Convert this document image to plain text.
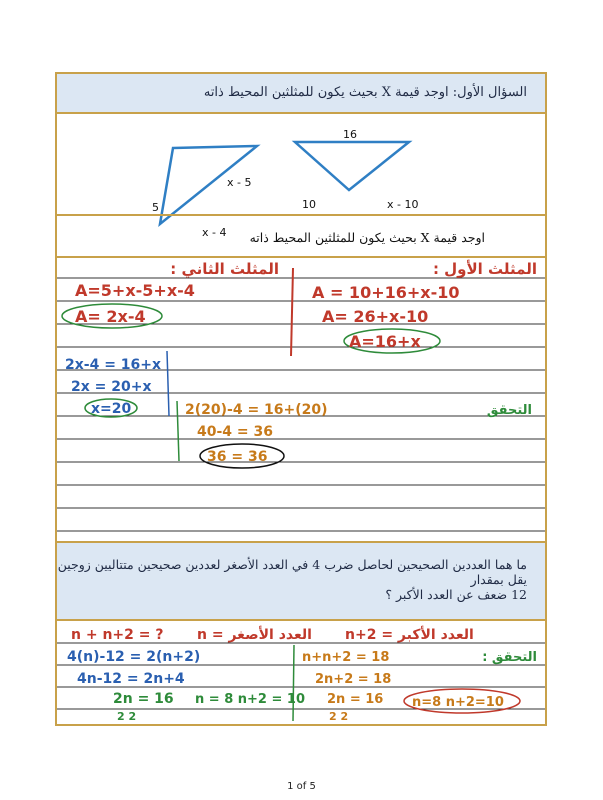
السؤال الأول: اوجد قيمة X بحيث يكون للمثلثين المحيط ذاته
5
x - 5
x - 4
16
10	x - 10
اوجد قيمة X بحيث يكون للمثلثين المحيط ذاته
المثلث الأول :
المثلث الثاني :
A=5+x-5+x-4
A= 2x-4
A = 10+16+x-10
A= 26+x-10
A=16+x
2x-4 = 16+x
2x = 20+x
x=20	التحقق
2(20)-4 = 16+(20)
40-4 = 36
36 = 36
ما هما العددين الصحيحين لحاصل ضرب 4 في العدد الأصغر لعددين صحيحين متتاليين زوجين يقل بمقدار
12 ضعف عن العدد الأكبر ؟
n + n+2 = ? n = العدد الأصغر n+2 = العدد الأكبر
4(n)-12 = 2(n+2)
4n-12 = 2n+4
2n = 16
2 2
n = 8 n+2 = 10
التحقق :
n+n+2 = 18
2n+2 = 18
2n = 16
2 2
n=8 n+2=10
1 of 5
